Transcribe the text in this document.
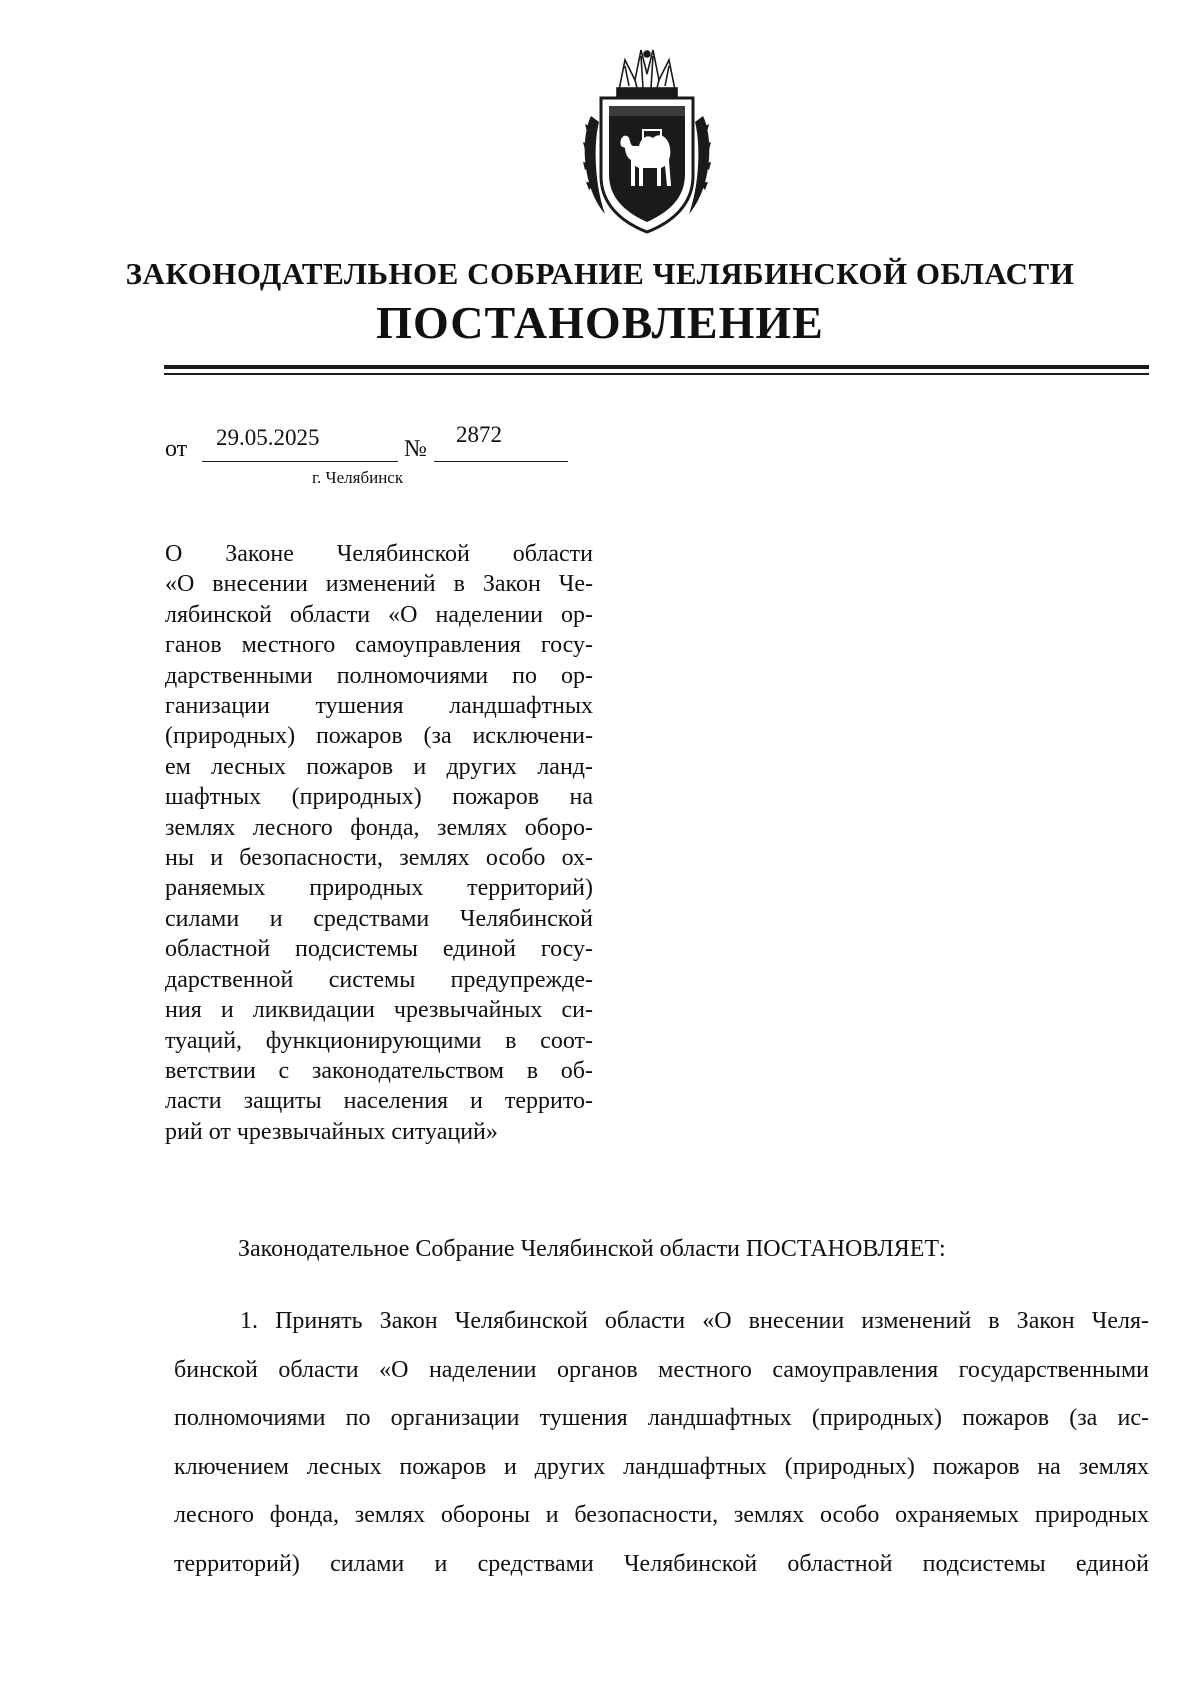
ЗАКОНОДАТЕЛЬНОЕ СОБРАНИЕ ЧЕЛЯБИНСКОЙ ОБЛАСТИ
ПОСТАНОВЛЕНИЕ
от 29.05.2025	№
2872
г. Челябинск
О Законе Челябинской области
«О внесении изменений в Закон Че-
лябинской области «О наделении ор-
ганов местного самоуправления госу-
дарственными полномочиями по ор-
ганизации тушения ландшафтных
(природных) пожаров (за исключени-
ем лесных пожаров и других ланд-
шафтных (природных) пожаров на
землях лесного фонда, землях оборо-
ны и безопасности, землях особо ох-
раняемых природных территорий)
силами и средствами Челябинской
областной подсистемы единой госу-
дарственной системы предупрежде-
ния и ликвидации чрезвычайных си-
туаций, функционирующими в соот-
ветствии с законодательством в об-
ласти защиты населения и террито-
рий от чрезвычайных ситуаций»
Законодательное Собрание Челябинской области ПОСТАНОВЛЯЕТ:
1. Принять Закон Челябинской области «О внесении изменений в Закон Челя-
бинской области «О наделении органов местного самоуправления государственными
полномочиями по организации тушения ландшафтных (природных) пожаров (за ис-
ключением лесных пожаров и других ландшафтных (природных) пожаров на землях
лесного фонда, землях обороны и безопасности, землях особо охраняемых природных
территорий) силами и средствами Челябинской областной подсистемы единой
